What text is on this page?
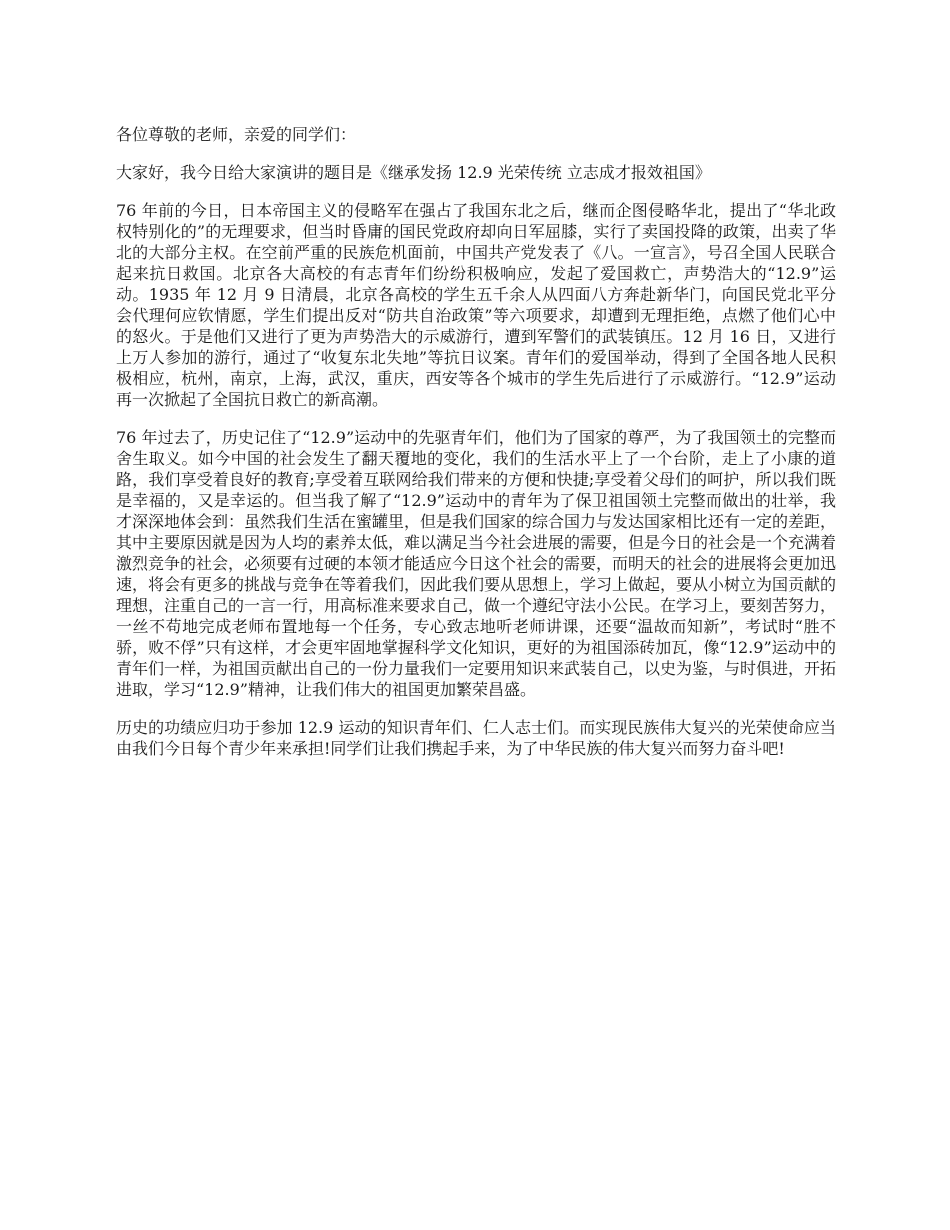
各位尊敬的老师，亲爱的同学们：

大家好，我今日给大家演讲的题目是《继承发扬 12.9 光荣传统 立志成才报效祖国》

76 年前的今日，日本帝国主义的侵略军在强占了我国东北之后，继而企图侵略华北，提出了“华北政权特别化的”的无理要求，但当时昏庸的国民党政府却向日军屈膝，实行了卖国投降的政策，出卖了华北的大部分主权。在空前严重的民族危机面前，中国共产党发表了《八。一宣言》，号召全国人民联合起来抗日救国。北京各大高校的有志青年们纷纷积极响应，发起了爱国救亡，声势浩大的“12.9”运动。1935 年 12 月 9 日清晨，北京各高校的学生五千余人从四面八方奔赴新华门，向国民党北平分会代理何应钦情愿，学生们提出反对“防共自治政策”等六项要求，却遭到无理拒绝，点燃了他们心中的怒火。于是他们又进行了更为声势浩大的示威游行，遭到军警们的武装镇压。12 月 16 日，又进行上万人参加的游行，通过了“收复东北失地”等抗日议案。青年们的爱国举动，得到了全国各地人民积极相应，杭州，南京，上海，武汉，重庆，西安等各个城市的学生先后进行了示威游行。“12.9”运动再一次掀起了全国抗日救亡的新高潮。

76 年过去了，历史记住了“12.9”运动中的先驱青年们，他们为了国家的尊严，为了我国领土的完整而舍生取义。如今中国的社会发生了翻天覆地的变化，我们的生活水平上了一个台阶，走上了小康的道路，我们享受着良好的教育;享受着互联网给我们带来的方便和快捷;享受着父母们的呵护，所以我们既是幸福的，又是幸运的。但当我了解了“12.9”运动中的青年为了保卫祖国领土完整而做出的壮举，我才深深地体会到：虽然我们生活在蜜罐里，但是我们国家的综合国力与发达国家相比还有一定的差距，其中主要原因就是因为人均的素养太低，难以满足当今社会进展的需要，但是今日的社会是一个充满着激烈竞争的社会，必须要有过硬的本领才能适应今日这个社会的需要，而明天的社会的进展将会更加迅速，将会有更多的挑战与竞争在等着我们，因此我们要从思想上，学习上做起，要从小树立为国贡献的理想，注重自己的一言一行，用高标准来要求自己，做一个遵纪守法小公民。在学习上，要刻苦努力，一丝不苟地完成老师布置地每一个任务，专心致志地听老师讲课，还要“温故而知新”，考试时“胜不骄，败不俘”只有这样，才会更牢固地掌握科学文化知识，更好的为祖国添砖加瓦，像“12.9”运动中的青年们一样，为祖国贡献出自己的一份力量我们一定要用知识来武装自己，以史为鉴，与时俱进，开拓进取，学习“12.9”精神，让我们伟大的祖国更加繁荣昌盛。

历史的功绩应归功于参加 12.9 运动的知识青年们、仁人志士们。而实现民族伟大复兴的光荣使命应当由我们今日每个青少年来承担!同学们让我们携起手来，为了中华民族的伟大复兴而努力奋斗吧!
